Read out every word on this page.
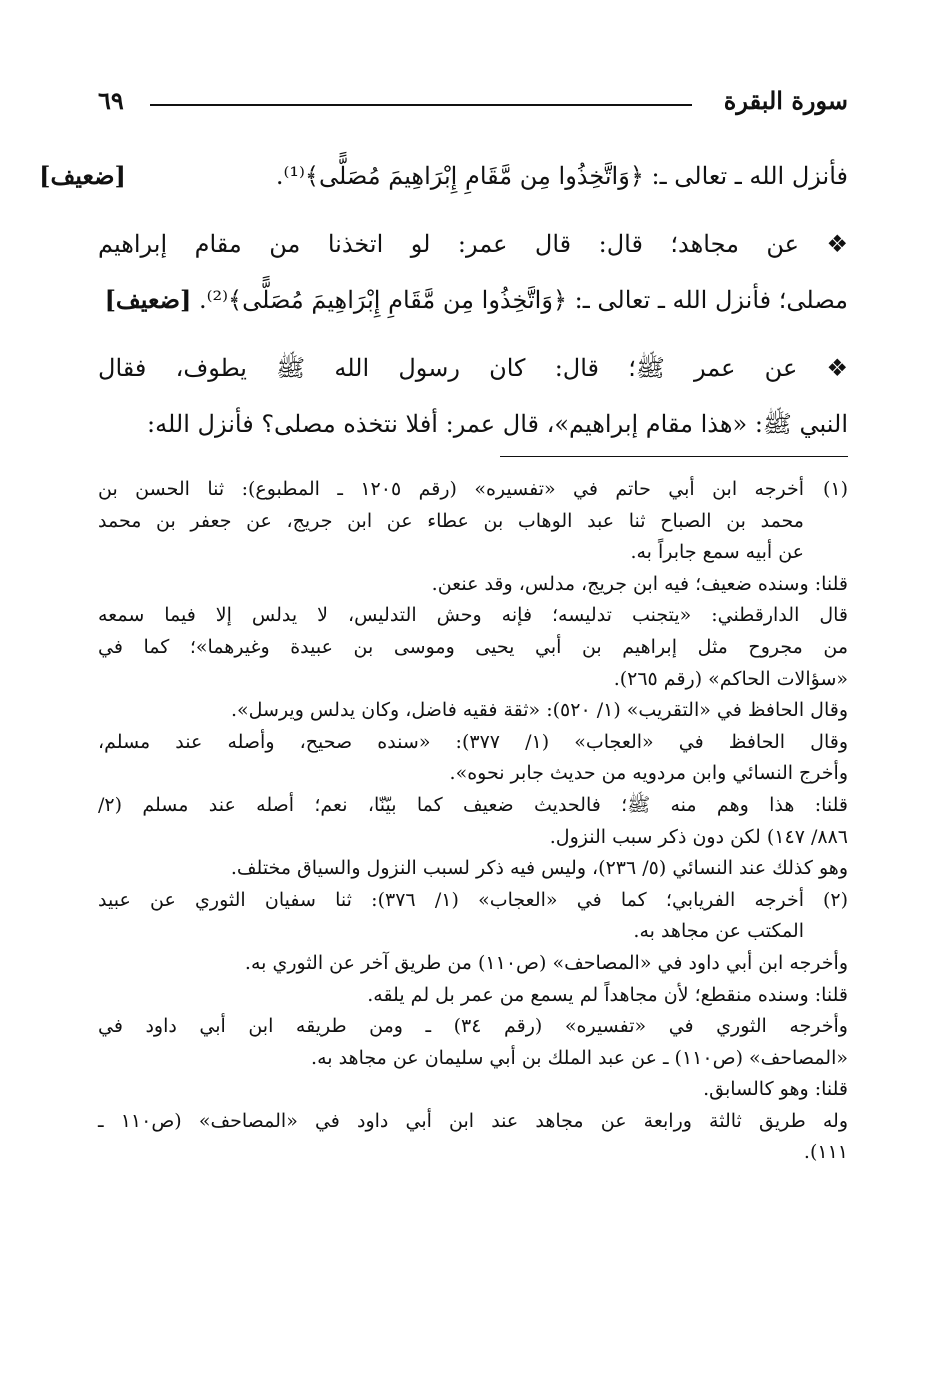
سورة البقرة
٦٩
فأنزل الله ـ تعالى ـ: ﴿وَاتَّخِذُوا مِن مَّقَامِ إِبْرَاهِيمَ مُصَلًّى﴾⁽¹⁾.[ضعيف]
❖ عن مجاهد؛ قال: قال عمر: لو اتخذنا من مقام إبراهيم
مصلى؛ فأنزل الله ـ تعالى ـ: ﴿وَاتَّخِذُوا مِن مَّقَامِ إِبْرَاهِيمَ مُصَلًّى﴾⁽²⁾. [ضعيف]
❖ عن عمر ﷺ؛ قال: كان رسول الله ﷺ يطوف، فقال
النبي ﷺ: «هذا مقام إبراهيم»، قال عمر: أفلا نتخذه مصلى؟ فأنزل الله:
(١)
أخرجه ابن أبي حاتم في «تفسيره» (رقم ١٢٠٥ ـ المطبوع): ثنا الحسن بن
محمد بن الصباح ثنا عبد الوهاب بن عطاء عن ابن جريج، عن جعفر بن محمد
عن أبيه سمع جابراً به.
قلنا: وسنده ضعيف؛ فيه ابن جريج، مدلس، وقد عنعن.
قال الدارقطني: «يتجنب تدليسه؛ فإنه وحش التدليس، لا يدلس إلا فيما سمعه
من مجروح مثل إبراهيم بن أبي يحيى وموسى بن عبيدة وغيرهما»؛ كما في
«سؤالات الحاكم» (رقم ٢٦٥).
وقال الحافظ في «التقريب» (١/ ٥٢٠): «ثقة فقيه فاضل، وكان يدلس ويرسل».
وقال الحافظ في «العجاب» (١/ ٣٧٧): «سنده صحيح، وأصله عند مسلم،
وأخرج النسائي وابن مردويه من حديث جابر نحوه».
قلنا: هذا وهم منه ﷺ؛ فالحديث ضعيف كما بيّنّا، نعم؛ أصله عند مسلم (٢/
٨٨٦/ ١٤٧) لكن دون ذكر سبب النزول.
وهو كذلك عند النسائي (٥/ ٢٣٦)، وليس فيه ذكر لسبب النزول والسياق مختلف.
(٢)
أخرجه الفريابي؛ كما في «العجاب» (١/ ٣٧٦): ثنا سفيان الثوري عن عبيد
المكتب عن مجاهد به.
وأخرجه ابن أبي داود في «المصاحف» (ص١١٠) من طريق آخر عن الثوري به.
قلنا: وسنده منقطع؛ لأن مجاهداً لم يسمع من عمر بل لم يلقه.
وأخرجه الثوري في «تفسيره» (رقم ٣٤) ـ ومن طريقه ابن أبي داود في
«المصاحف» (ص١١٠) ـ عن عبد الملك بن أبي سليمان عن مجاهد به.
قلنا: وهو كالسابق.
وله طريق ثالثة ورابعة عن مجاهد عند ابن أبي داود في «المصاحف» (ص١١٠ ـ
١١١).
